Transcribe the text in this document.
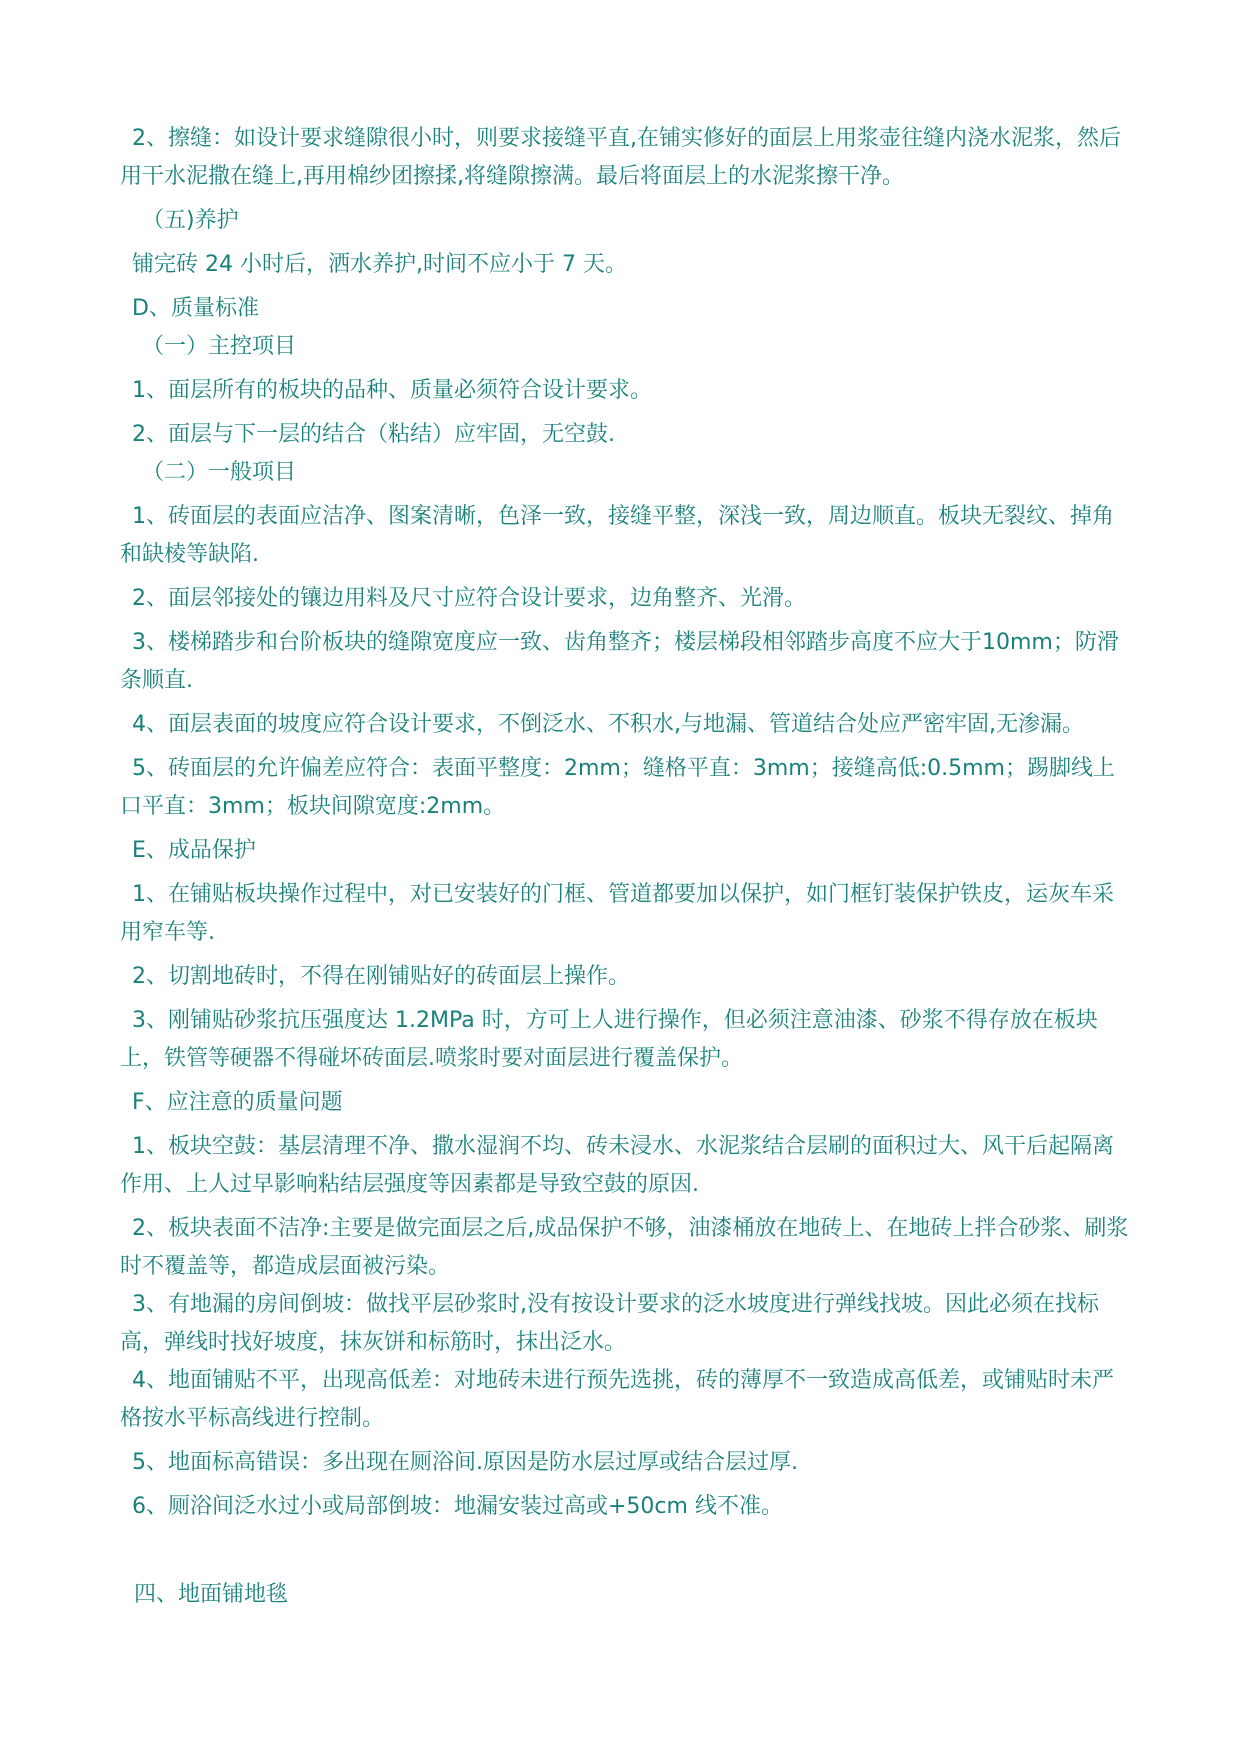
2、擦缝：如设计要求缝隙很小时，则要求接缝平直,在铺实修好的面层上用浆壶往缝内浇水泥浆，然后用干水泥撒在缝上,再用棉纱团擦揉,将缝隙擦满。最后将面层上的水泥浆擦干净。

（五)养护

铺完砖 24 小时后，洒水养护,时间不应小于 7 天。

D、质量标准

（一）主控项目

1、面层所有的板块的品种、质量必须符合设计要求。

2、面层与下一层的结合（粘结）应牢固，无空鼓.

（二）一般项目

1、砖面层的表面应洁净、图案清晰，色泽一致，接缝平整，深浅一致，周边顺直。板块无裂纹、掉角和缺棱等缺陷.

2、面层邻接处的镶边用料及尺寸应符合设计要求，边角整齐、光滑。

3、楼梯踏步和台阶板块的缝隙宽度应一致、齿角整齐；楼层梯段相邻踏步高度不应大于10mm；防滑条顺直.

4、面层表面的坡度应符合设计要求，不倒泛水、不积水,与地漏、管道结合处应严密牢固,无渗漏。

5、砖面层的允许偏差应符合：表面平整度：2mm；缝格平直：3mm；接缝高低:0.5mm；踢脚线上口平直：3mm；板块间隙宽度:2mm。

E、成品保护

1、在铺贴板块操作过程中，对已安装好的门框、管道都要加以保护，如门框钉装保护铁皮，运灰车采用窄车等.

2、切割地砖时，不得在刚铺贴好的砖面层上操作。

3、刚铺贴砂浆抗压强度达 1.2MPa 时，方可上人进行操作，但必须注意油漆、砂浆不得存放在板块上，铁管等硬器不得碰坏砖面层.喷浆时要对面层进行覆盖保护。

F、应注意的质量问题

1、板块空鼓：基层清理不净、撒水湿润不均、砖未浸水、水泥浆结合层刷的面积过大、风干后起隔离作用、上人过早影响粘结层强度等因素都是导致空鼓的原因.

2、板块表面不洁净:主要是做完面层之后,成品保护不够，油漆桶放在地砖上、在地砖上拌合砂浆、刷浆时不覆盖等，都造成层面被污染。

3、有地漏的房间倒坡：做找平层砂浆时,没有按设计要求的泛水坡度进行弹线找坡。因此必须在找标高，弹线时找好坡度，抹灰饼和标筋时，抹出泛水。

4、地面铺贴不平，出现高低差：对地砖未进行预先选挑，砖的薄厚不一致造成高低差，或铺贴时未严格按水平标高线进行控制。

5、地面标高错误：多出现在厕浴间.原因是防水层过厚或结合层过厚.

6、厕浴间泛水过小或局部倒坡：地漏安装过高或+50cm 线不准。

四、地面铺地毯
